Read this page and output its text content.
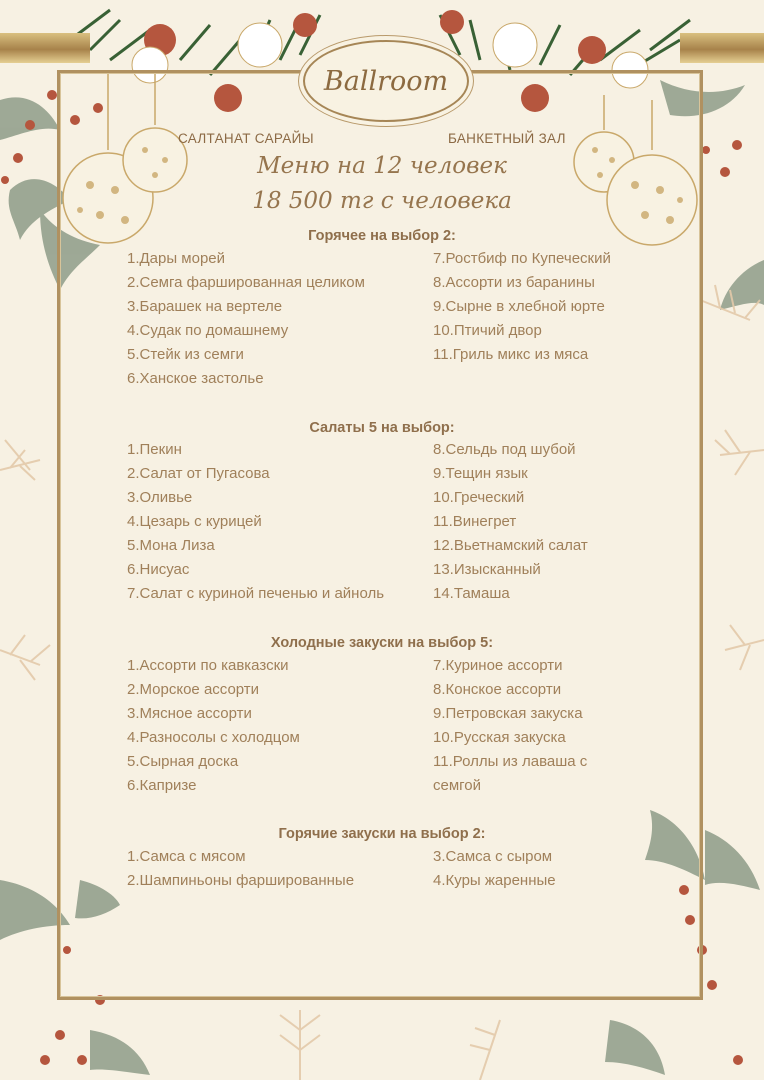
Ballroom
САЛТАНАТ САРАЙЫ	БАНКЕТНЫЙ ЗАЛ
Меню на 12 человек
18 500 тг с человека
Горячее на выбор 2:
1.Дары морей
2.Семга фаршированная целиком
3.Барашек на вертеле
4.Судак по домашнему
5.Стейк из семги
6.Ханское застолье
7.Ростбиф по Купеческий
8.Ассорти из баранины
9.Сырне в хлебной юрте
10.Птичий двор
11.Гриль микс из мяса
Салаты 5 на выбор:
1.Пекин
2.Салат от Пугасова
3.Оливье
4.Цезарь с курицей
5.Мона Лиза
6.Нисуас
7.Салат с куриной печенью и айноль
8.Сельдь под шубой
9.Тещин язык
10.Греческий
11.Винегрет
12.Вьетнамский салат
13.Изысканный
14.Тамаша
Холодные закуски на выбор 5:
1.Ассорти по кавказски
2.Морское ассорти
3.Мясное ассорти
4.Разносолы с холодцом
5.Сырная доска
6.Капризе
7.Куриное ассорти
8.Конское ассорти
9.Петровская закуска
10.Русская закуска
11.Роллы из лаваша с
семгой
Горячие закуски на выбор 2:
1.Самса с мясом
2.Шампиньоны фаршированные
3.Самса с сыром
4.Куры жаренные
